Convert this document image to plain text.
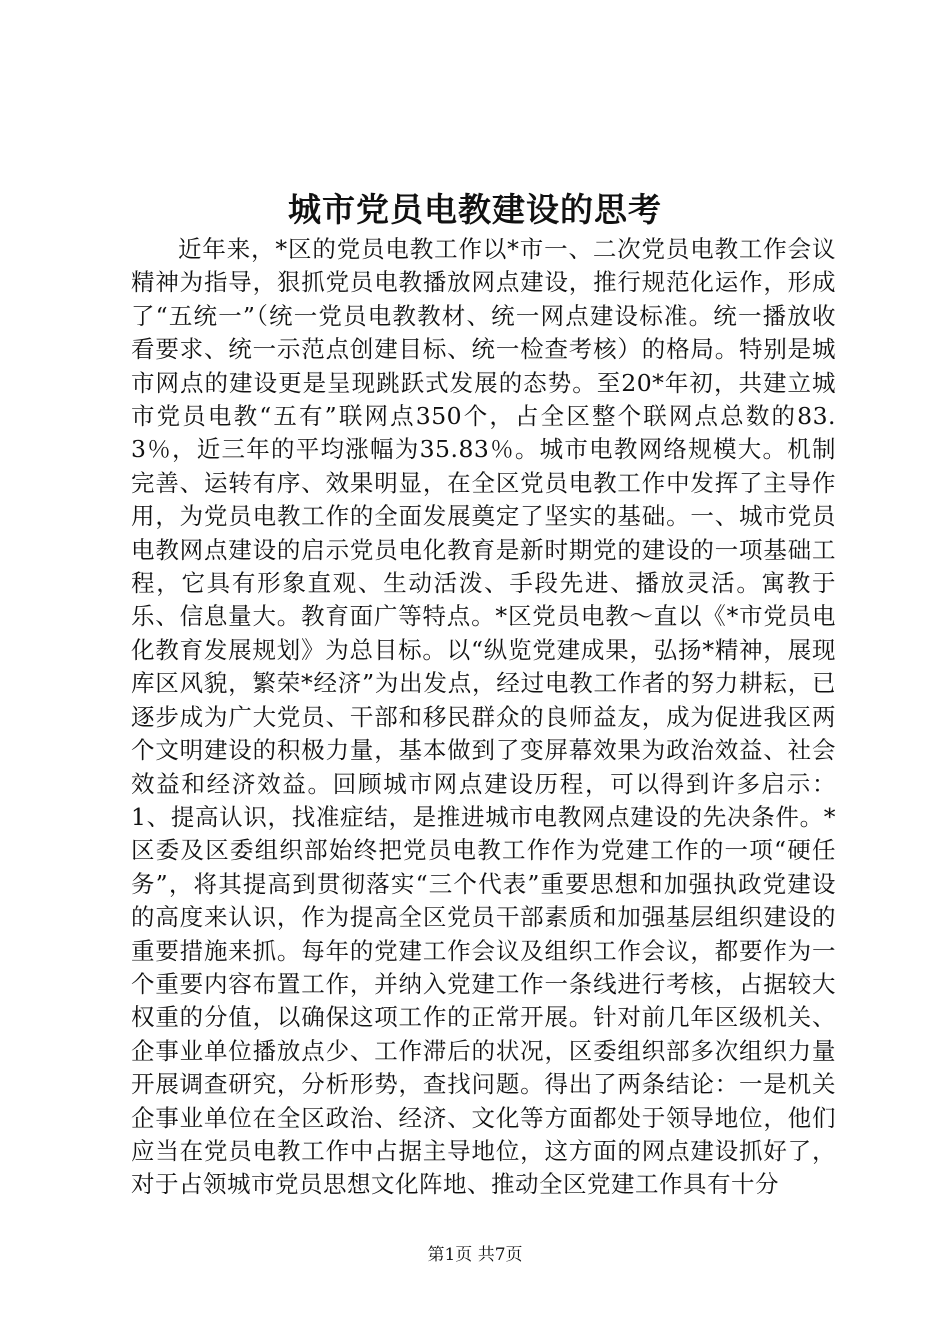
城市党员电教建设的思考

近年来，*区的党员电教工作以*市一、二次党员电教工作会议精神为指导，狠抓党员电教播放网点建设，推行规范化运作，形成了“五统一”（统一党员电教教材、统一网点建设标准。统一播放收看要求、统一示范点创建目标、统一检查考核）的格局。特别是城市网点的建设更是呈现跳跃式发展的态势。至20*年初，共建立城市党员电教“五有”联网点350个，占全区整个联网点总数的83.3％，近三年的平均涨幅为35.83％。城市电教网络规模大。机制完善、运转有序、效果明显，在全区党员电教工作中发挥了主导作用，为党员电教工作的全面发展奠定了坚实的基础。一、城市党员电教网点建设的启示党员电化教育是新时期党的建设的一项基础工程，它具有形象直观、生动活泼、手段先进、播放灵活。寓教于乐、信息量大。教育面广等特点。*区党员电教～直以《*市党员电化教育发展规划》为总目标。以“纵览党建成果，弘扬*精神，展现库区风貌，繁荣*经济”为出发点，经过电教工作者的努力耕耘，已逐步成为广大党员、干部和移民群众的良师益友，成为促进我区两个文明建设的积极力量，基本做到了变屏幕效果为政治效益、社会效益和经济效益。回顾城市网点建设历程，可以得到许多启示：1、提高认识，找准症结，是推进城市电教网点建设的先决条件。*区委及区委组织部始终把党员电教工作作为党建工作的一项“硬任务”，将其提高到贯彻落实“三个代表”重要思想和加强执政党建设的高度来认识，作为提高全区党员干部素质和加强基层组织建设的重要措施来抓。每年的党建工作会议及组织工作会议，都要作为一个重要内容布置工作，并纳入党建工作一条线进行考核，占据较大权重的分值，以确保这项工作的正常开展。针对前几年区级机关、企事业单位播放点少、工作滞后的状况，区委组织部多次组织力量开展调查研究，分析形势，查找问题。得出了两条结论：一是机关企事业单位在全区政治、经济、文化等方面都处于领导地位，他们应当在党员电教工作中占据主导地位，这方面的网点建设抓好了，对于占领城市党员思想文化阵地、推动全区党建工作具有十分

第1页 共7页
